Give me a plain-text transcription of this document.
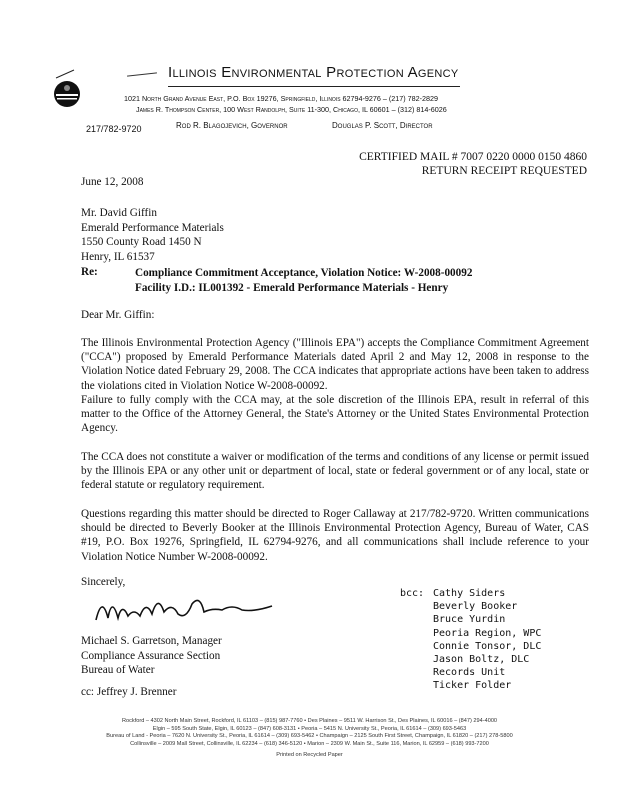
Illinois Environmental Protection Agency
1021 North Grand Avenue East, P.O. Box 19276, Springfield, Illinois 62794-9276 – (217) 782-2829
James R. Thompson Center, 100 West Randolph, Suite 11-300, Chicago, IL 60601 – (312) 814-6026
217/782-9720	Rod R. Blagojevich, Governor	Douglas P. Scott, Director
CERTIFIED MAIL # 7007 0220 0000 0150 4860
RETURN RECEIPT REQUESTED
June 12, 2008
Mr. David Giffin
Emerald Performance Materials
1550 County Road 1450 N
Henry, IL 61537
Re:	Compliance Commitment Acceptance, Violation Notice: W-2008-00092
Facility I.D.: IL001392 - Emerald Performance Materials - Henry
Dear Mr. Giffin:
The Illinois Environmental Protection Agency ("Illinois EPA") accepts the Compliance Commitment Agreement ("CCA") proposed by Emerald Performance Materials dated April 2 and May 12, 2008 in response to the Violation Notice dated February 29, 2008. The CCA indicates that appropriate actions have been taken to address the violations cited in Violation Notice W-2008-00092.
Failure to fully comply with the CCA may, at the sole discretion of the Illinois EPA, result in referral of this matter to the Office of the Attorney General, the State's Attorney or the United States Environmental Protection Agency.
The CCA does not constitute a waiver or modification of the terms and conditions of any license or permit issued by the Illinois EPA or any other unit or department of local, state or federal government or of any local, state or federal statute or regulatory requirement.
Questions regarding this matter should be directed to Roger Callaway at 217/782-9720. Written communications should be directed to Beverly Booker at the Illinois Environmental Protection Agency, Bureau of Water, CAS #19, P.O. Box 19276, Springfield, IL 62794-9276, and all communications shall include reference to your Violation Notice Number W-2008-00092.
Sincerely,
Michael S. Garretson, Manager
Compliance Assurance Section
Bureau of Water
cc: Jeffrey J. Brenner
bcc: Cathy Siders
Beverly Booker
Bruce Yurdin
Peoria Region, WPC
Connie Tonsor, DLC
Jason Boltz, DLC
Records Unit
Ticker Folder
Rockford – 4302 North Main Street, Rockford, IL 61103 – (815) 987-7760 • Des Plaines – 9511 W. Harrison St., Des Plaines, IL 60016 – (847) 294-4000
Elgin – 595 South State, Elgin, IL 60123 – (847) 608-3131 • Peoria – 5415 N. University St., Peoria, IL 61614 – (309) 693-5463
Bureau of Land - Peoria – 7620 N. University St., Peoria, IL 61614 – (309) 693-5462 • Champaign – 2125 South First Street, Champaign, IL 61820 – (217) 278-5800
Collinsville – 2009 Mall Street, Collinsville, IL 62234 – (618) 346-5120 • Marion – 2309 W. Main St., Suite 116, Marion, IL 62959 – (618) 993-7200
Printed on Recycled Paper
